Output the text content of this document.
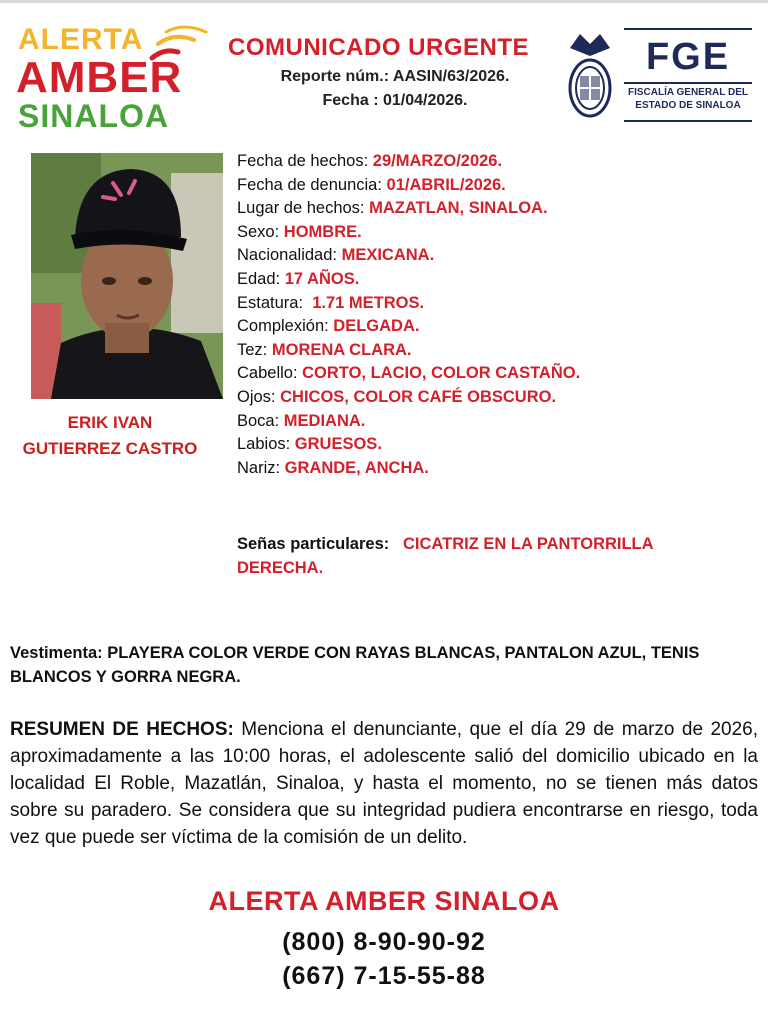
ALERTA
AMBER
SINALOA
COMUNICADO URGENTE
Reporte núm.: AASIN/63/2026.
Fecha : 01/04/2026.
FGE
FISCALÍA GENERAL DEL
ESTADO DE SINALOA
ERIK IVAN
GUTIERREZ CASTRO
Fecha de hechos: 29/MARZO/2026.
Fecha de denuncia: 01/ABRIL/2026.
Lugar de hechos: MAZATLAN, SINALOA.
Sexo: HOMBRE.
Nacionalidad: MEXICANA.
Edad: 17 AÑOS.
Estatura:  1.71 METROS.
Complexión: DELGADA.
Tez: MORENA CLARA.
Cabello: CORTO, LACIO, COLOR CASTAÑO.
Ojos: CHICOS, COLOR CAFÉ OBSCURO.
Boca: MEDIANA.
Labios: GRUESOS.
Nariz: GRANDE, ANCHA.
Señas particulares: CICATRIZ EN LA PANTORRILLA DERECHA.
Vestimenta: PLAYERA COLOR VERDE CON RAYAS BLANCAS, PANTALON AZUL, TENIS BLANCOS Y GORRA NEGRA.
RESUMEN DE HECHOS: Menciona el denunciante, que el día 29 de marzo de 2026, aproximadamente a las 10:00 horas, el adolescente salió del domicilio ubicado en la localidad El Roble, Mazatlán, Sinaloa, y hasta el momento, no se tienen más datos sobre su paradero. Se considera que su integridad pudiera encontrarse en riesgo, toda vez que puede ser víctima de la comisión de un delito.
ALERTA AMBER SINALOA
(800) 8-90-90-92
(667) 7-15-55-88
